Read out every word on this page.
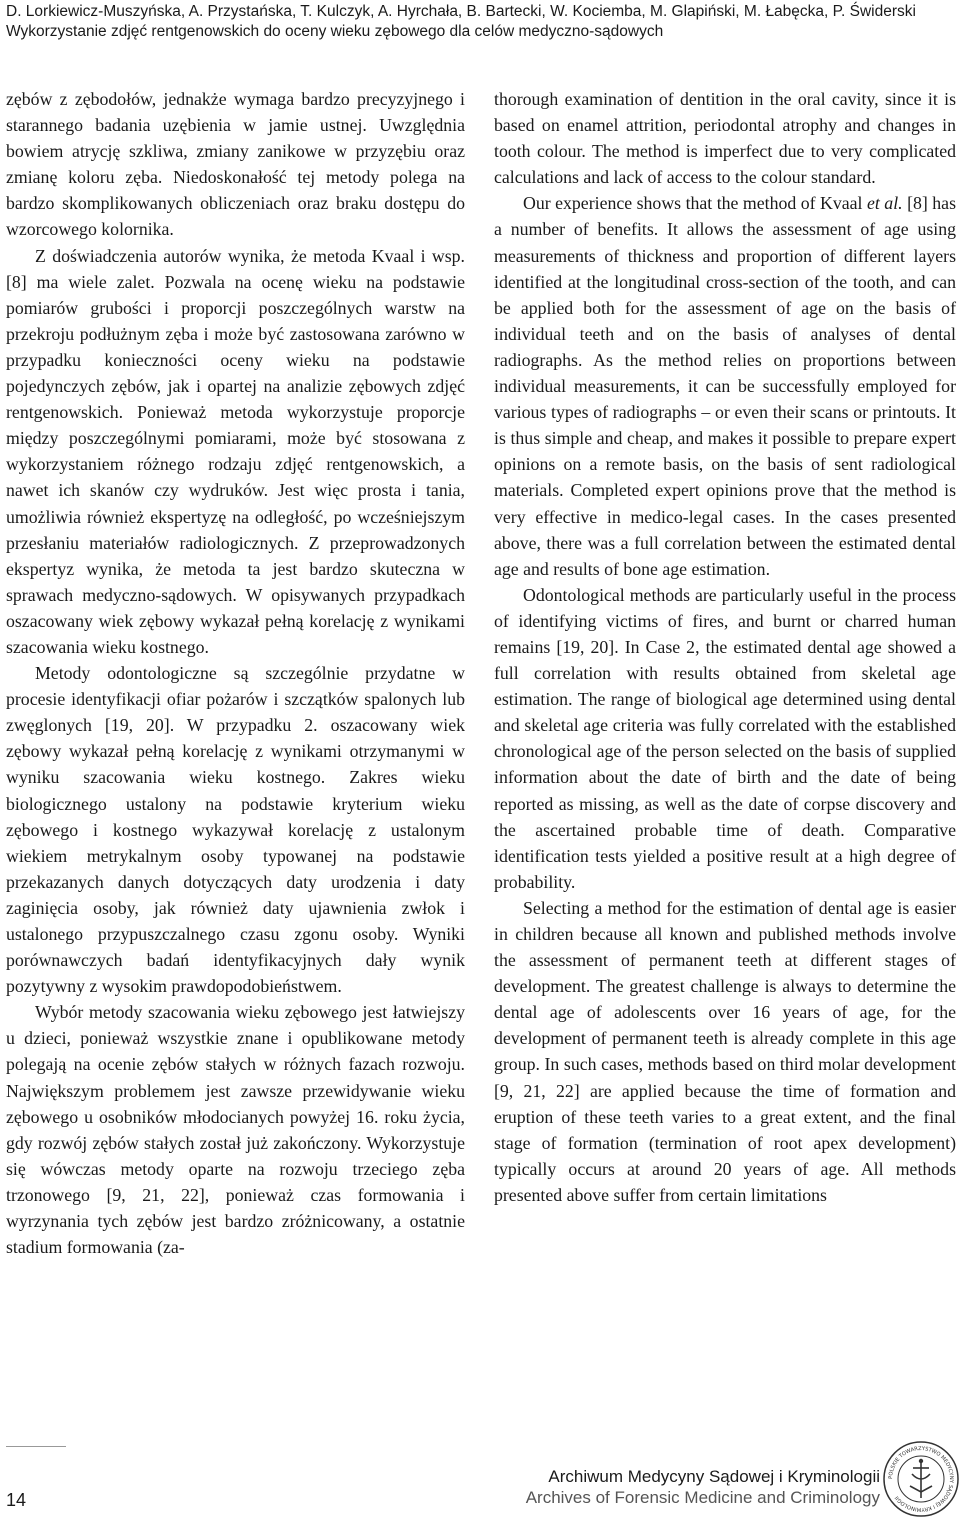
D. Lorkiewicz-Muszyńska, A. Przystańska, T. Kulczyk, A. Hyrchała, B. Bartecki, W. Kociemba, M. Glapiński, M. Łabęcka, P. Świderski
Wykorzystanie zdjęć rentgenowskich do oceny wieku zębowego dla celów medyczno-sądowych

zębów z zębodołów, jednakże wymaga bardzo precyzyjnego i starannego badania uzębienia w jamie ustnej. Uwzględnia bowiem atrycję szkliwa, zmiany zanikowe w przyzębiu oraz zmianę koloru zęba. Niedoskonałość tej metody polega na bardzo skomplikowanych obliczeniach oraz braku dostępu do wzorcowego kolornika.

Z doświadczenia autorów wynika, że metoda Kvaal i wsp. [8] ma wiele zalet. Pozwala na ocenę wieku na podstawie pomiarów grubości i proporcji poszczególnych warstw na przekroju podłużnym zęba i może być zastosowana zarówno w przypadku konieczności oceny wieku na podstawie pojedynczych zębów, jak i opartej na analizie zębowych zdjęć rentgenowskich. Ponieważ metoda wykorzystuje proporcje między poszczególnymi pomiarami, może być stosowana z wykorzystaniem różnego rodzaju zdjęć rentgenowskich, a nawet ich skanów czy wydruków. Jest więc prosta i tania, umożliwia również ekspertyzę na odległość, po wcześniejszym przesłaniu materiałów radiologicznych. Z przeprowadzonych ekspertyz wynika, że metoda ta jest bardzo skuteczna w sprawach medyczno-sądowych. W opisywanych przypadkach oszacowany wiek zębowy wykazał pełną korelację z wynikami szacowania wieku kostnego.

Metody odontologiczne są szczególnie przydatne w procesie identyfikacji ofiar pożarów i szczątków spalonych lub zwęglonych [19, 20]. W przypadku 2. oszacowany wiek zębowy wykazał pełną korelację z wynikami otrzymanymi w wyniku szacowania wieku kostnego. Zakres wieku biologicznego ustalony na podstawie kryterium wieku zębowego i kostnego wykazywał korelację z ustalonym wiekiem metrykalnym osoby typowanej na podstawie przekazanych danych dotyczących daty urodzenia i daty zaginięcia osoby, jak również daty ujawnienia zwłok i ustalonego przypuszczalnego czasu zgonu osoby. Wyniki porównawczych badań identyfikacyjnych dały wynik pozytywny z wysokim prawdopodobieństwem.

Wybór metody szacowania wieku zębowego jest łatwiejszy u dzieci, ponieważ wszystkie znane i opublikowane metody polegają na ocenie zębów stałych w różnych fazach rozwoju. Największym problemem jest zawsze przewidywanie wieku zębowego u osobników młodocianych powyżej 16. roku życia, gdy rozwój zębów stałych został już zakończony. Wykorzystuje się wówczas metody oparte na rozwoju trzeciego zęba trzonowego [9, 21, 22], ponieważ czas formowania i wyrzynania tych zębów jest bardzo zróżnicowany, a ostatnie stadium formowania (za-

thorough examination of dentition in the oral cavity, since it is based on enamel attrition, periodontal atrophy and changes in tooth colour. The method is imperfect due to very complicated calculations and lack of access to the colour standard.

Our experience shows that the method of Kvaal et al. [8] has a number of benefits. It allows the assessment of age using measurements of thickness and proportion of different layers identified at the longitudinal cross-section of the tooth, and can be applied both for the assessment of age on the basis of individual teeth and on the basis of analyses of dental radiographs. As the method relies on proportions between individual measurements, it can be successfully employed for various types of radiographs – or even their scans or printouts. It is thus simple and cheap, and makes it possible to prepare expert opinions on a remote basis, on the basis of sent radiological materials. Completed expert opinions prove that the method is very effective in medico-legal cases. In the cases presented above, there was a full correlation between the estimated dental age and results of bone age estimation.

Odontological methods are particularly useful in the process of identifying victims of fires, and burnt or charred human remains [19, 20]. In Case 2, the estimated dental age showed a full correlation with results obtained from skeletal age estimation. The range of biological age determined using dental and skeletal age criteria was fully correlated with the established chronological age of the person selected on the basis of supplied information about the date of birth and the date of being reported as missing, as well as the date of corpse discovery and the ascertained probable time of death. Comparative identification tests yielded a positive result at a high degree of probability.

Selecting a method for the estimation of dental age is easier in children because all known and published methods involve the assessment of permanent teeth at different stages of development. The greatest challenge is always to determine the dental age of adolescents over 16 years of age, for the development of permanent teeth is already complete in this age group. In such cases, methods based on third molar development [9, 21, 22] are applied because the time of formation and eruption of these teeth varies to a great extent, and the final stage of formation (termination of root apex development) typically occurs at around 20 years of age. All methods presented above suffer from certain limitations

14
Archiwum Medycyny Sądowej i Kryminologii
Archives of Forensic Medicine and Criminology
POLSKIE TOWARZYSTWO MEDYCYNY SĄDOWEJ I KRYMINOLOGII
